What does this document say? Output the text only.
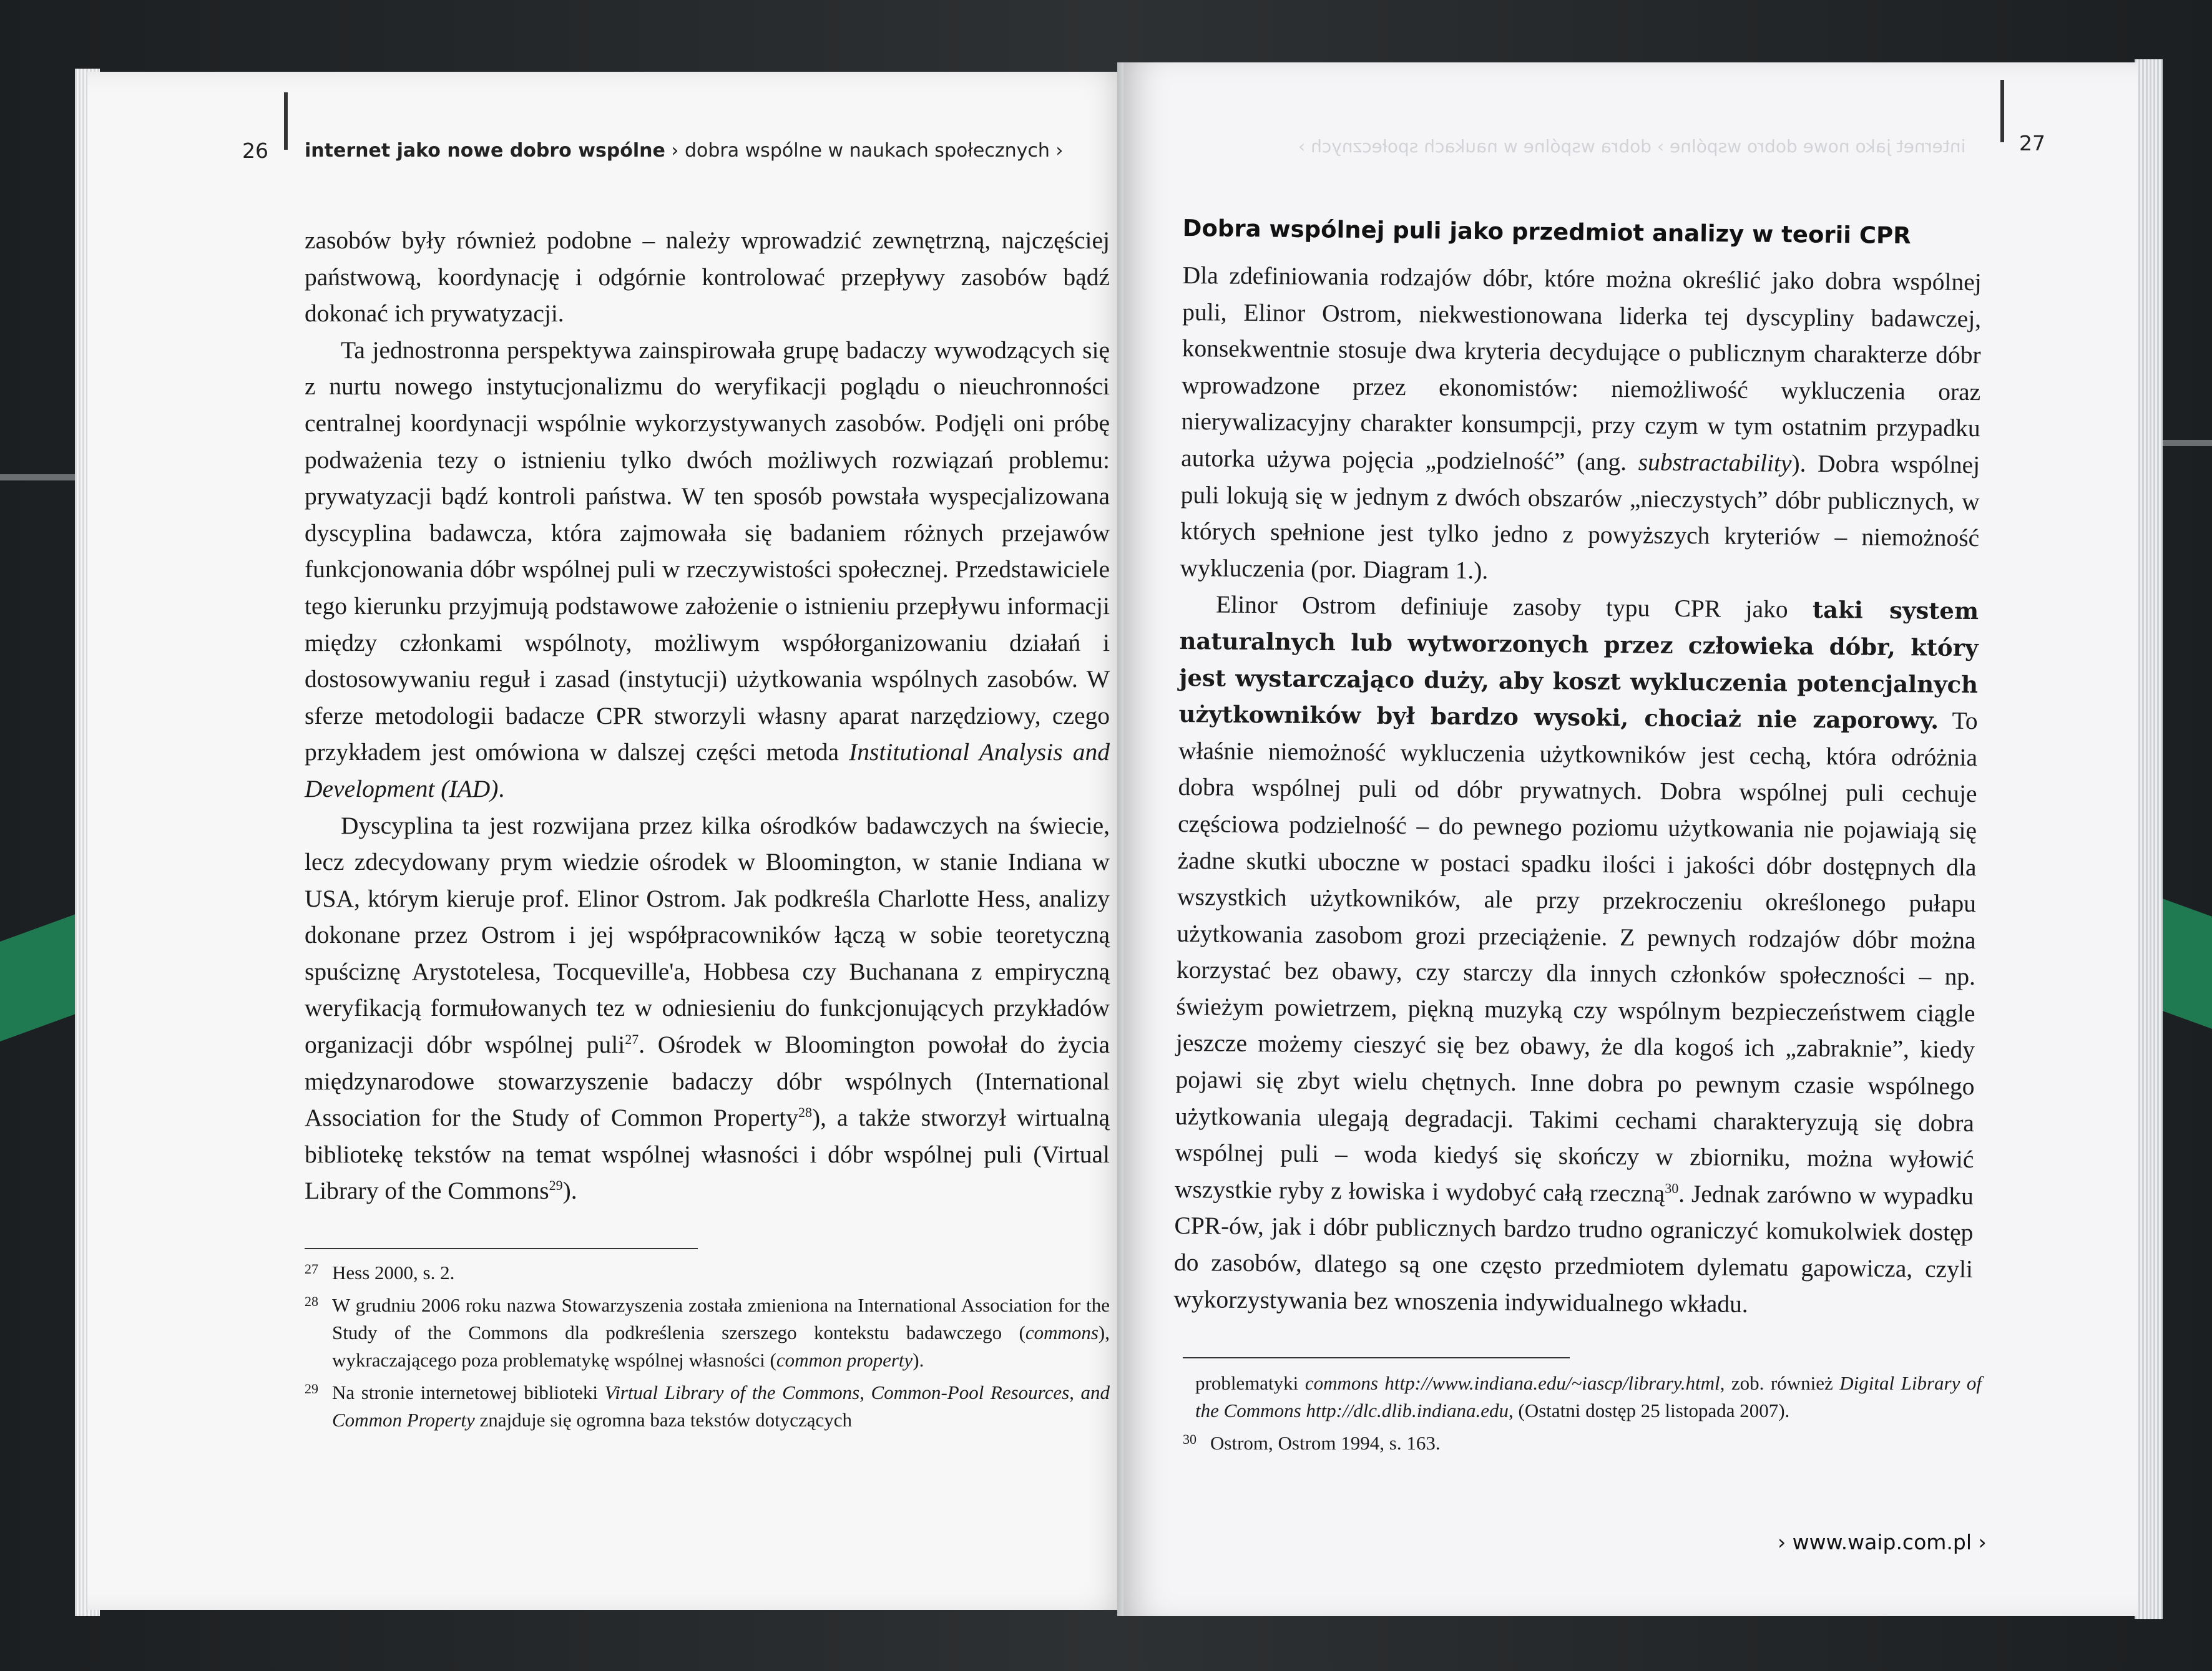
26 internet jako nowe dobro wspólne › dobra wspólne w naukach społecznych ›

zasobów były również podobne – należy wprowadzić zewnętrzną, najczęściej państwową, koordynację i odgórnie kontrolować przepływy zasobów bądź dokonać ich prywatyzacji.

Ta jednostronna perspektywa zainspirowała grupę badaczy wywodzących się z nurtu nowego instytucjonalizmu do weryfikacji poglądu o nieuchronności centralnej koordynacji wspólnie wykorzystywanych zasobów. Podjęli oni próbę podważenia tezy o istnieniu tylko dwóch możliwych rozwiązań problemu: prywatyzacji bądź kontroli państwa. W ten sposób powstała wyspecjalizowana dyscyplina badawcza, która zajmowała się badaniem różnych przejawów funkcjonowania dóbr wspólnej puli w rzeczywistości społecznej. Przedstawiciele tego kierunku przyjmują podstawowe założenie o istnieniu przepływu informacji między członkami wspólnoty, możliwym współorganizowaniu działań i dostosowywaniu reguł i zasad (instytucji) użytkowania wspólnych zasobów. W sferze metodologii badacze CPR stworzyli własny aparat narzędziowy, czego przykładem jest omówiona w dalszej części metoda Institutional Analysis and Development (IAD).

Dyscyplina ta jest rozwijana przez kilka ośrodków badawczych na świecie, lecz zdecydowany prym wiedzie ośrodek w Bloomington, w stanie Indiana w USA, którym kieruje prof. Elinor Ostrom. Jak podkreśla Charlotte Hess, analizy dokonane przez Ostrom i jej współpracowników łączą w sobie teoretyczną spuściznę Arystotelesa, Tocqueville'a, Hobbesa czy Buchanana z empiryczną weryfikacją formułowanych tez w odniesieniu do funkcjonujących przykładów organizacji dóbr wspólnej puli$^{27}$. Ośrodek w Bloomington powołał do życia międzynarodowe stowarzyszenie badaczy dóbr wspólnych (International Association for the Study of Common Property$^{28}$), a także stworzył wirtualną bibliotekę tekstów na temat wspólnej własności i dóbr wspólnej puli (Virtual Library of the Commons$^{29}$).

27 Hess 2000, s. 2.
28 W grudniu 2006 roku nazwa Stowarzyszenia została zmieniona na International Association for the Study of the Commons dla podkreślenia szerszego kontekstu badawczego (commons), wykraczającego poza problematykę wspólnej własności (common property).
29 Na stronie internetowej biblioteki Virtual Library of the Commons, Common-Pool Resources, and Common Property znajduje się ogromna baza tekstów dotyczących
internet jako nowe dobro wspólne › dobra wspólne w naukach społecznych ›	27
Dobra wspólnej puli jako przedmiot analizy w teorii CPR

Dla zdefiniowania rodzajów dóbr, które można określić jako dobra wspólnej puli, Elinor Ostrom, niekwestionowana liderka tej dyscypliny badawczej, konsekwentnie stosuje dwa kryteria decydujące o publicznym charakterze dóbr wprowadzone przez ekonomistów: niemożliwość wykluczenia oraz nierywalizacyjny charakter konsumpcji, przy czym w tym ostatnim przypadku autorka używa pojęcia „podzielność” (ang. substractability). Dobra wspólnej puli lokują się w jednym z dwóch obszarów „nieczystych” dóbr publicznych, w których spełnione jest tylko jedno z powyższych kryteriów – niemożność wykluczenia (por. Diagram 1.).

Elinor Ostrom definiuje zasoby typu CPR jako taki system naturalnych lub wytworzonych przez człowieka dóbr, który jest wystarczająco duży, aby koszt wykluczenia potencjalnych użytkowników był bardzo wysoki, chociaż nie zaporowy. To właśnie niemożność wykluczenia użytkowników jest cechą, która odróżnia dobra wspólnej puli od dóbr prywatnych. Dobra wspólnej puli cechuje częściowa podzielność – do pewnego poziomu użytkowania nie pojawiają się żadne skutki uboczne w postaci spadku ilości i jakości dóbr dostępnych dla wszystkich użytkowników, ale przy przekroczeniu określonego pułapu użytkowania zasobom grozi przeciążenie. Z pewnych rodzajów dóbr można korzystać bez obawy, czy starczy dla innych członków społeczności – np. świeżym powietrzem, piękną muzyką czy wspólnym bezpieczeństwem ciągle jeszcze możemy cieszyć się bez obawy, że dla kogoś ich „zabraknie”, kiedy pojawi się zbyt wielu chętnych. Inne dobra po pewnym czasie wspólnego użytkowania ulegają degradacji. Takimi cechami charakteryzują się dobra wspólnej puli – woda kiedyś się skończy w zbiorniku, można wyłowić wszystkie ryby z łowiska i wydobyć całą rzeczną$^{30}$. Jednak zarówno w wypadku CPR-ów, jak i dóbr publicznych bardzo trudno ograniczyć komukolwiek dostęp do zasobów, dlatego są one często przedmiotem dylematu gapowicza, czyli wykorzystywania bez wnoszenia indywidualnego wkładu.

problematyki commons http://www.indiana.edu/~iascp/library.html, zob. również Digital Library of the Commons http://dlc.dlib.indiana.edu, (Ostatni dostęp 25 listopada 2007).
30 Ostrom, Ostrom 1994, s. 163.
› www.waip.com.pl ›
